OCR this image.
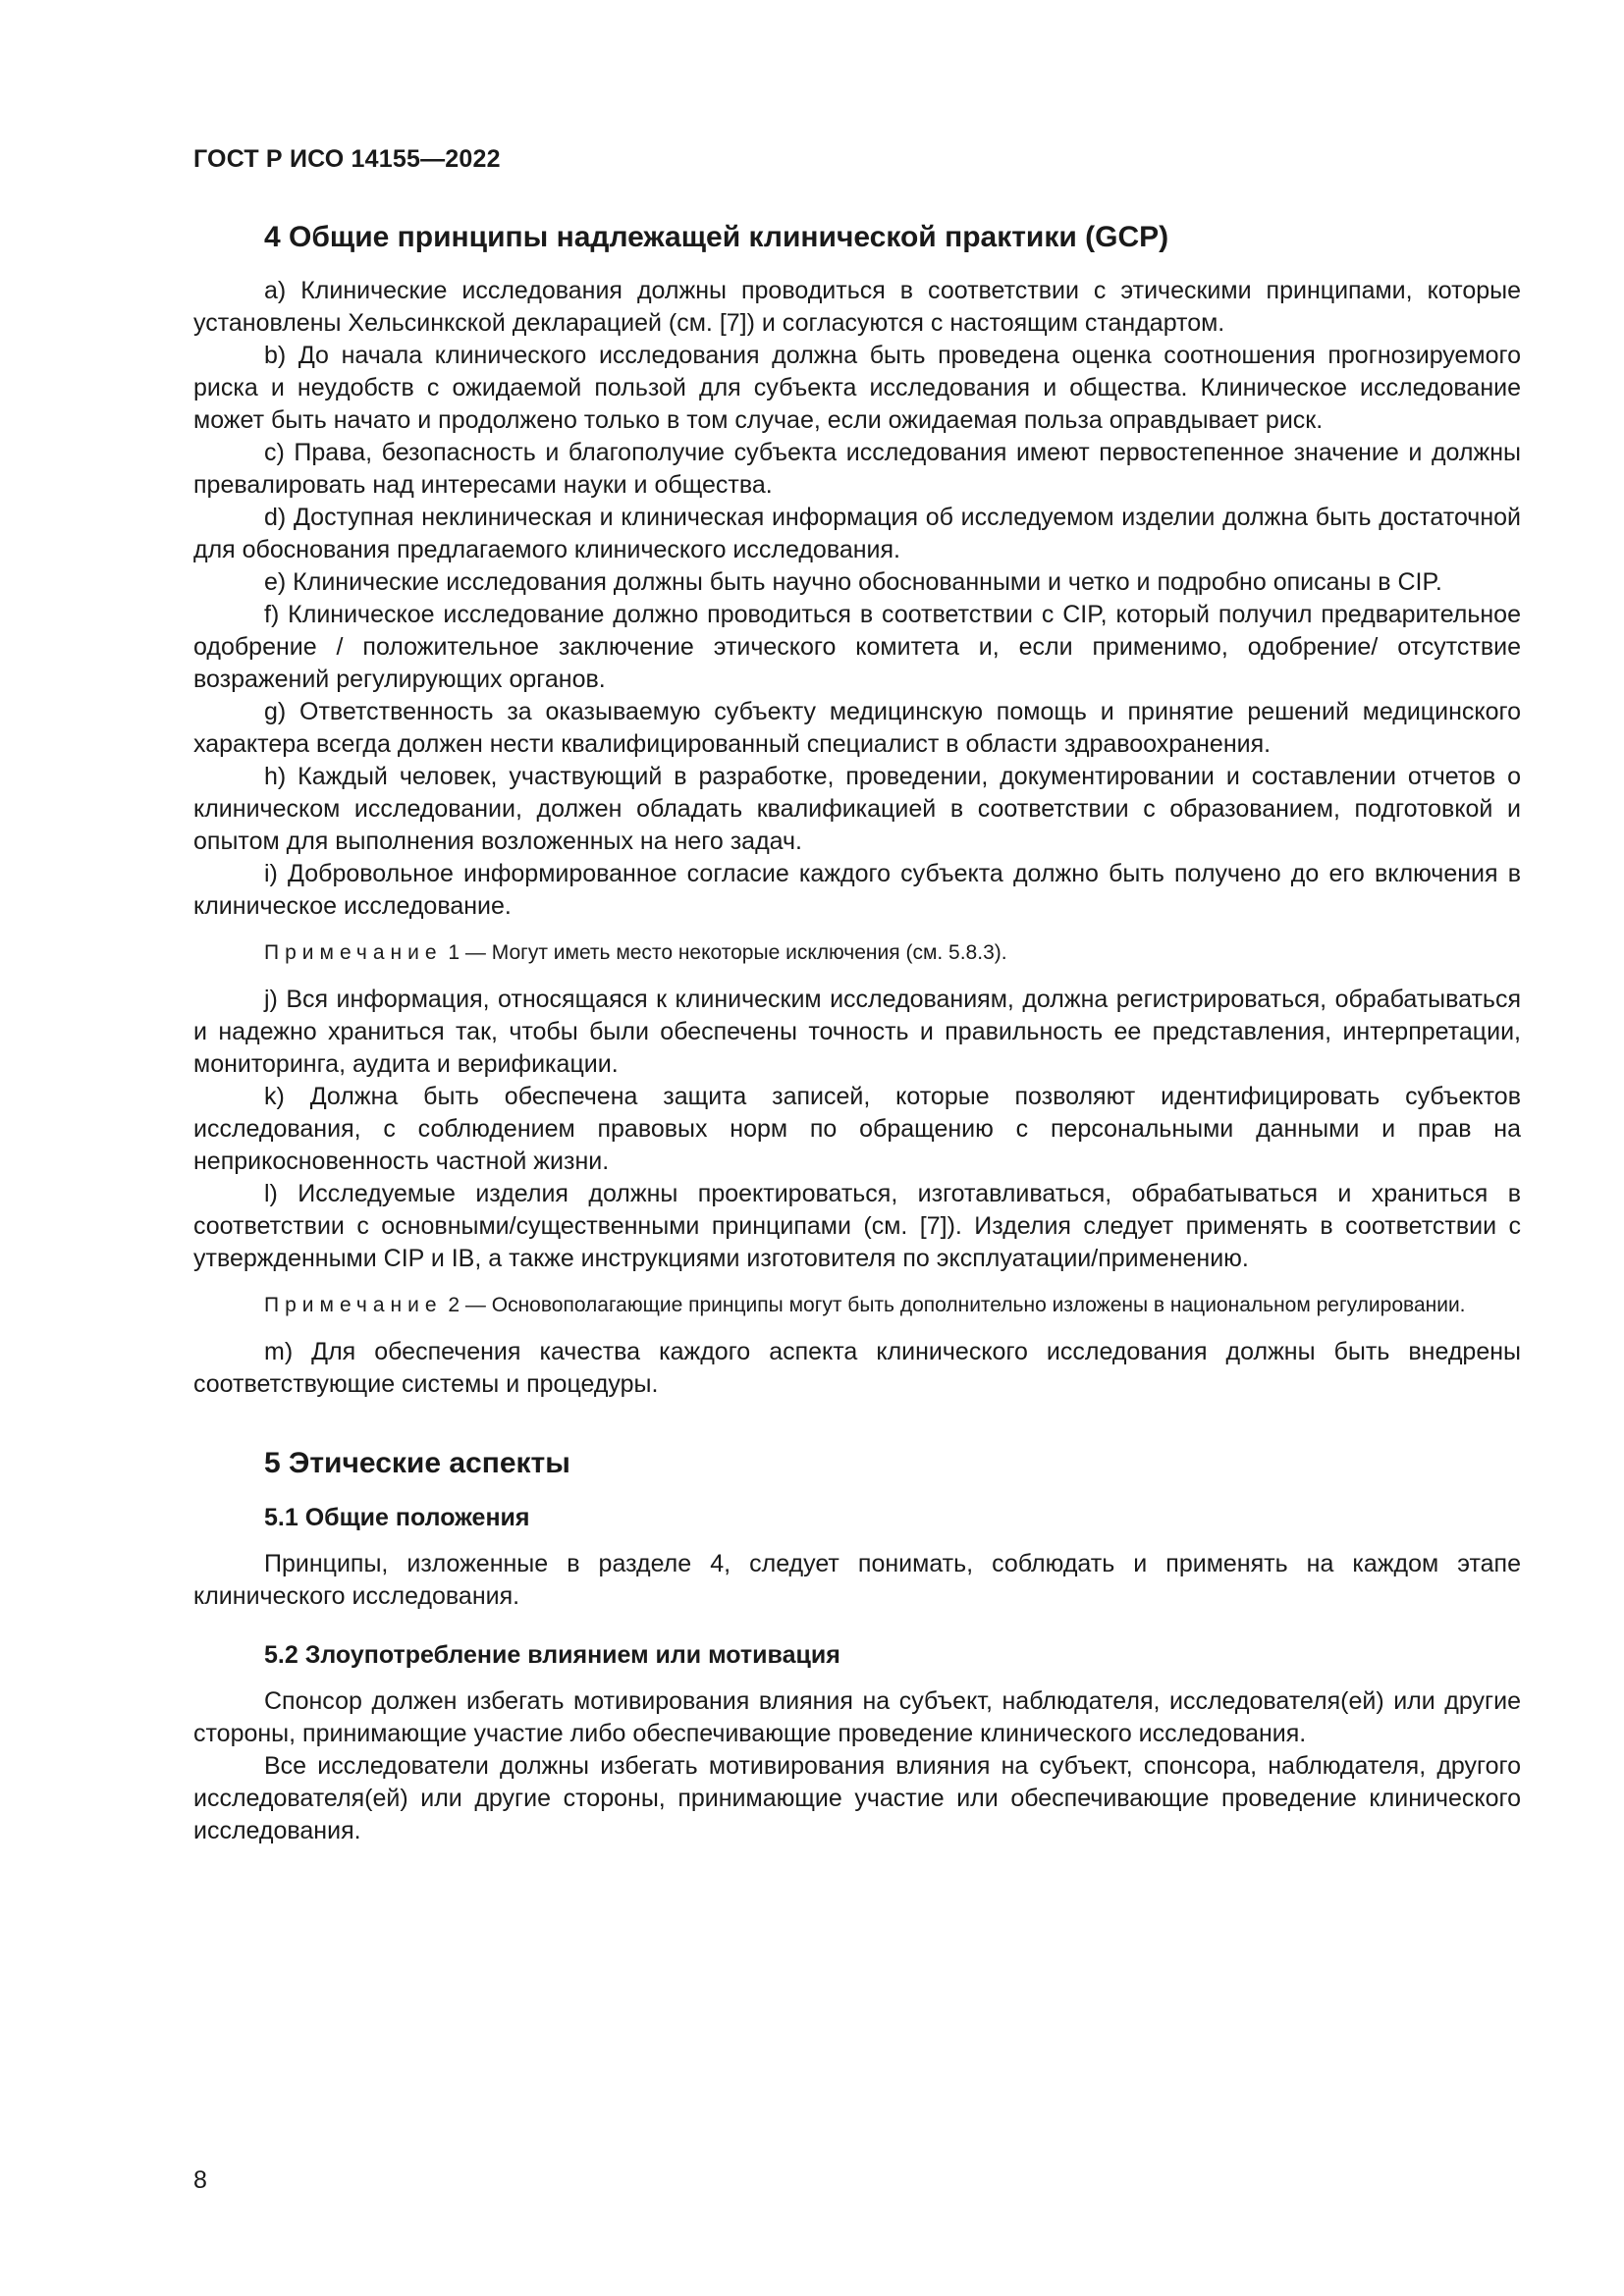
ГОСТ Р ИСО 14155—2022

4 Общие принципы надлежащей клинической практики (GCP)

a) Клинические исследования должны проводиться в соответствии с этическими принципами, которые установлены Хельсинкской декларацией (см. [7]) и согласуются с настоящим стандартом.

b) До начала клинического исследования должна быть проведена оценка соотношения прогнозируемого риска и неудобств с ожидаемой пользой для субъекта исследования и общества. Клиническое исследование может быть начато и продолжено только в том случае, если ожидаемая польза оправдывает риск.

c) Права, безопасность и благополучие субъекта исследования имеют первостепенное значение и должны превалировать над интересами науки и общества.

d) Доступная неклиническая и клиническая информация об исследуемом изделии должна быть достаточной для обоснования предлагаемого клинического исследования.

e) Клинические исследования должны быть научно обоснованными и четко и подробно описаны в CIP.

f) Клиническое исследование должно проводиться в соответствии с CIP, который получил предварительное одобрение / положительное заключение этического комитета и, если применимо, одобрение/ отсутствие возражений регулирующих органов.

g) Ответственность за оказываемую субъекту медицинскую помощь и принятие решений медицинского характера всегда должен нести квалифицированный специалист в области здравоохранения.

h) Каждый человек, участвующий в разработке, проведении, документировании и составлении отчетов о клиническом исследовании, должен обладать квалификацией в соответствии с образованием, подготовкой и опытом для выполнения возложенных на него задач.

i) Добровольное информированное согласие каждого субъекта должно быть получено до его включения в клиническое исследование.

Примечание 1 — Могут иметь место некоторые исключения (см. 5.8.3).

j) Вся информация, относящаяся к клиническим исследованиям, должна регистрироваться, обрабатываться и надежно храниться так, чтобы были обеспечены точность и правильность ее представления, интерпретации, мониторинга, аудита и верификации.

k) Должна быть обеспечена защита записей, которые позволяют идентифицировать субъектов исследования, с соблюдением правовых норм по обращению с персональными данными и прав на неприкосновенность частной жизни.

l) Исследуемые изделия должны проектироваться, изготавливаться, обрабатываться и храниться в соответствии с основными/существенными принципами (см. [7]). Изделия следует применять в соответствии с утвержденными CIP и IB, а также инструкциями изготовителя по эксплуатации/применению.

Примечание 2 — Основополагающие принципы могут быть дополнительно изложены в национальном регулировании.

m) Для обеспечения качества каждого аспекта клинического исследования должны быть внедрены соответствующие системы и процедуры.

5 Этические аспекты
5.1 Общие положения

Принципы, изложенные в разделе 4, следует понимать, соблюдать и применять на каждом этапе клинического исследования.

5.2 Злоупотребление влиянием или мотивация

Спонсор должен избегать мотивирования влияния на субъект, наблюдателя, исследователя(ей) или другие стороны, принимающие участие либо обеспечивающие проведение клинического исследования.

Все исследователи должны избегать мотивирования влияния на субъект, спонсора, наблюдателя, другого исследователя(ей) или другие стороны, принимающие участие или обеспечивающие проведение клинического исследования.

8
